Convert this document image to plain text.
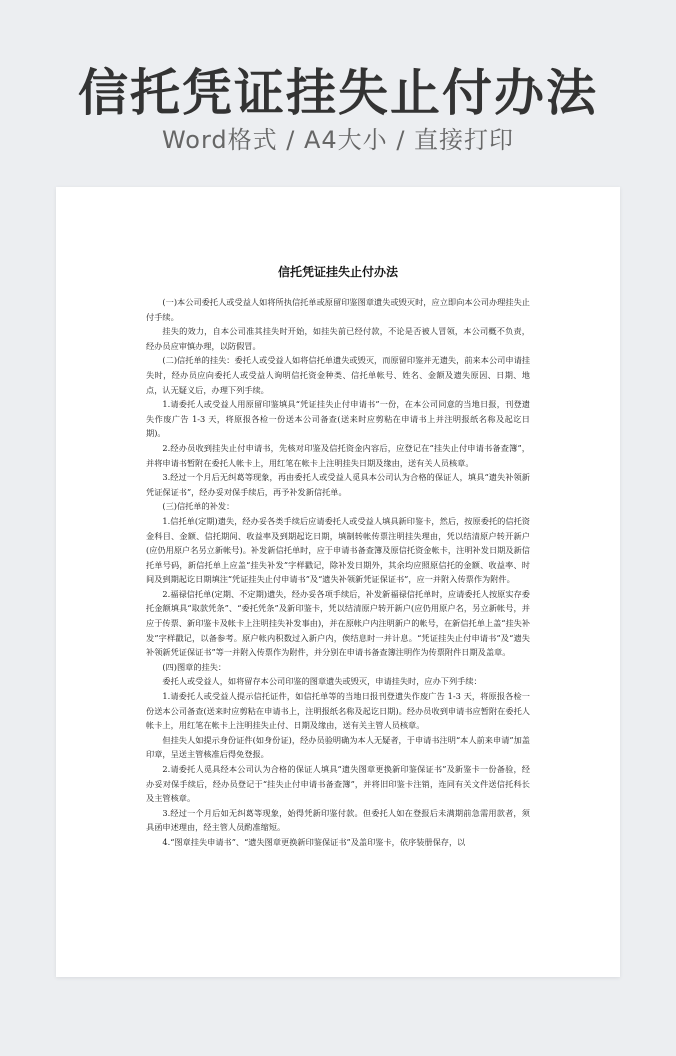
信托凭证挂失止付办法
Word格式 / A4大小 / 直接打印
信托凭证挂失止付办法

(一)本公司委托人或受益人如将所执信托单或原留印鉴图章遗失或毁灭时，应立即向本公司办理挂失止付手续。

挂失的效力，自本公司准其挂失时开始，如挂失前已经付款，不论是否被人冒领，本公司概不负责，经办员应审慎办理，以防假冒。

(二)信托单的挂失：委托人或受益人如将信托单遗失或毁灭，而原留印鉴并无遗失，前来本公司申请挂失时，经办员应向委托人或受益人询明信托资金种类、信托单帐号、姓名、金额及遗失原因、日期、地点，认无疑义后，办理下列手续。

1.请委托人或受益人用原留印鉴填具“凭证挂失止付申请书”一份，在本公司同意的当地日报，刊登遗失作废广告 1-3 天，将原报各检一份送本公司备查(送来时应剪粘在申请书上并注明报纸名称及起讫日期)。

2.经办员收到挂失止付申请书，先核对印鉴及信托资金内容后，应登记在“挂失止付申请书备查簿”，并将申请书暂附在委托人帐卡上，用红笔在帐卡上注明挂失日期及缘由，送有关人员核章。

3.经过一个月后无纠葛等现象，再由委托人或受益人觅具本公司认为合格的保证人，填具“遗失补领新凭证保证书”，经办妥对保手续后，再予补发新信托单。

(三)信托单的补发：

1.信托单(定期)遗失，经办妥各类手续后应请委托人或受益人填具新印鉴卡，然后，按原委托的信托资金科目、金额、信托期间、收益率及到期起讫日期，填制转帐传票注明挂失理由，凭以结清原户转开新户(应仍用原户名另立新帐号)。补发新信托单时，应于申请书备查簿及原信托资金帐卡，注明补发日期及新信托单号码，新信托单上应盖“挂失补发”字样戳记，除补发日期外，其余均应照原信托的金额、收益率、时间及到期起讫日期填注“凭证挂失止付申请书”及“遗失补领新凭证保证书”，应一并附入传票作为附件。

2.福禄信托单(定期、不定期)遗失，经办妥各项手续后，补发新福禄信托单时，应请委托人按原实存委托金额填具“取款凭条”、“委托凭条”及新印鉴卡，凭以结清原户转开新户(应仍用原户名，另立新帐号，并应于传票、新印鉴卡及帐卡上注明挂失补发事由)，并在原帐户内注明新户的帐号，在新信托单上盖“挂失补发”字样戳记，以备参考。原户帐内积数过入新户内，俟结息时一并计息。“凭证挂失止付申请书”及“遗失补领新凭证保证书”等一并附入传票作为附件，并分别在申请书备查簿注明作为传票附件日期及盖章。

(四)图章的挂失：

委托人或受益人，如将留存本公司印鉴的图章遗失或毁灭，申请挂失时，应办下列手续：

1.请委托人或受益人提示信托证件，如信托单等的当地日报刊登遗失作废广告 1-3 天，将原报各检一份送本公司备查(送来时应剪粘在申请书上，注明报纸名称及起讫日期)。经办员收到申请书应暂附在委托人帐卡上，用红笔在帐卡上注明挂失止付、日期及缘由，送有关主管人员核章。

但挂失人如提示身份证件(如身份证)，经办员验明确为本人无疑者，于申请书注明“本人前来申请”加盖印章，呈送主管核准后得免登报。

2.请委托人觅具经本公司认为合格的保证人填具“遗失图章更换新印鉴保证书”及新鉴卡一份备验，经办妥对保手续后，经办员登记于“挂失止付申请书备查簿”，并将旧印鉴卡注销，连同有关文件送信托科长及主管核章。

3.经过一个月后如无纠葛等现象，始得凭新印鉴付款。但委托人如在登报后未满期前急需用款者，须具函申述理由，经主管人员酌准缩短。

4.“图章挂失申请书”、“遗失图章更换新印鉴保证书”及盖印鉴卡，依序装册保存，以
